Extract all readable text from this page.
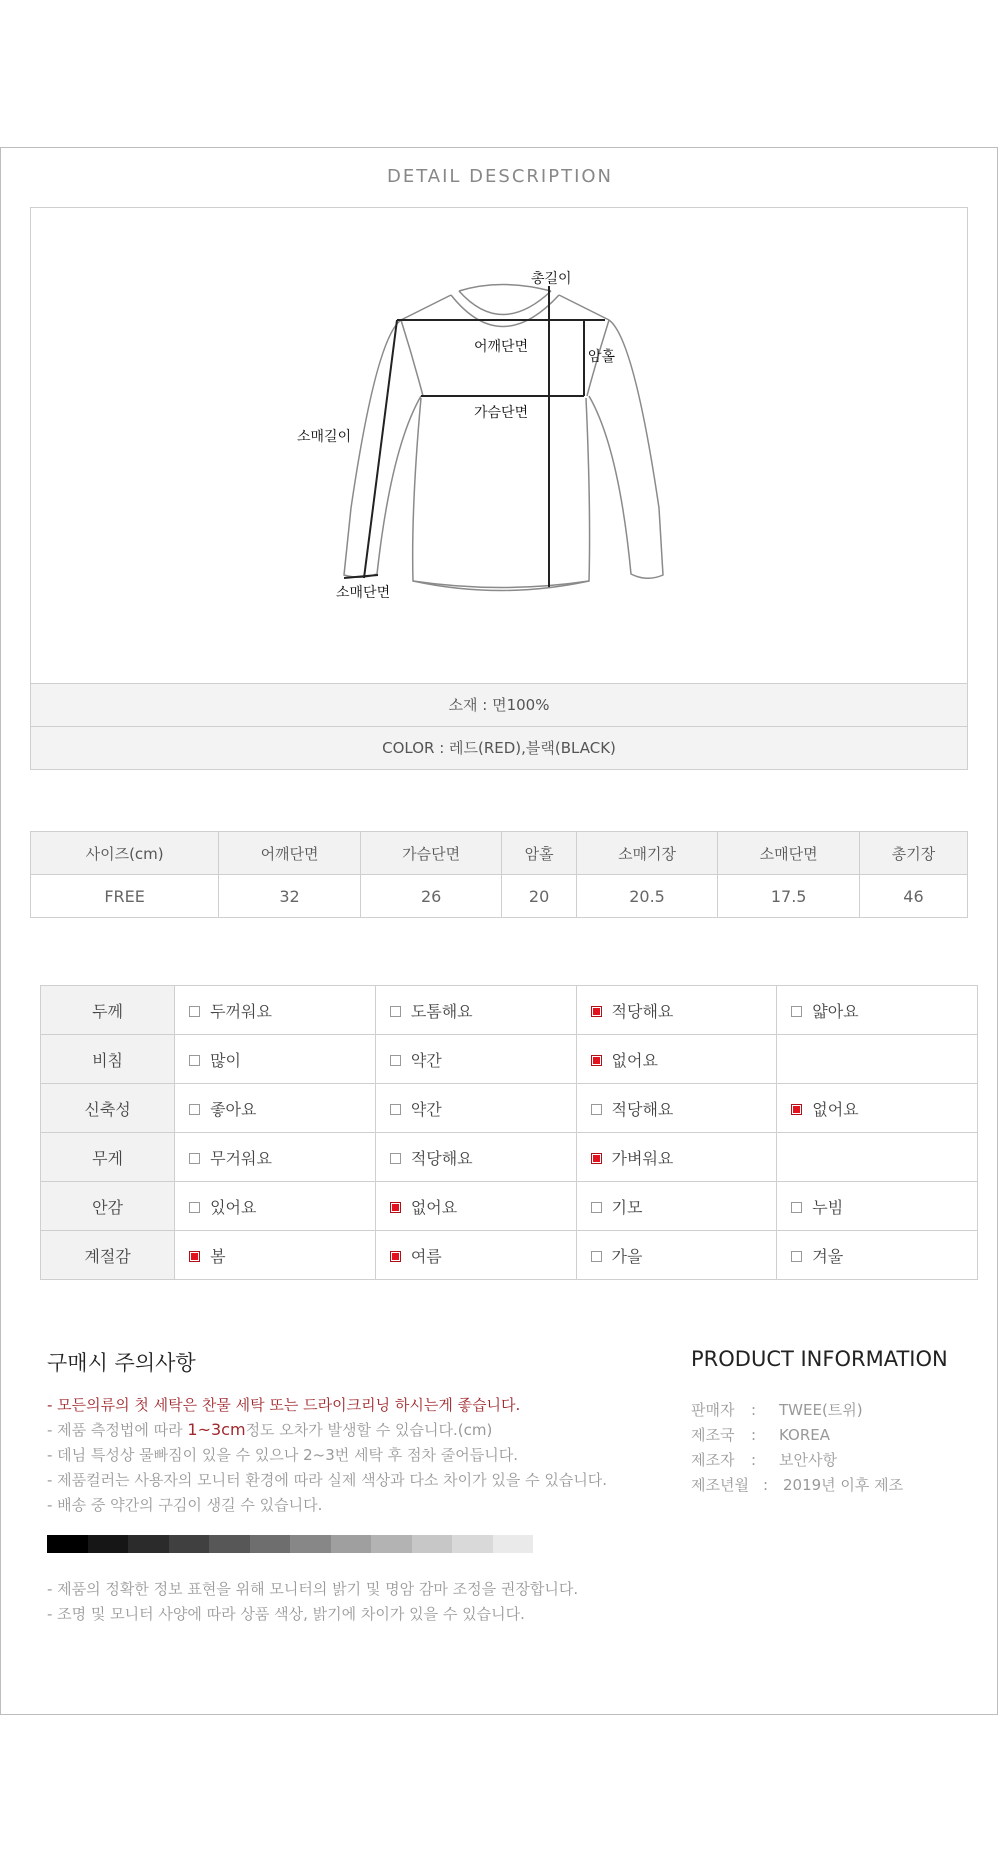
DETAIL DESCRIPTION
총길이
어깨단면
암홀
가슴단면
소매길이
소매단면
소재 : 면100%
COLOR : 레드(RED),블랙(BLACK)
사이즈(cm)	어깨단면	가슴단면	암홀	소매기장	소매단면	총기장
FREE	32	26	20	20.5	17.5	46
두께	두꺼워요	도톰해요	적당해요	얇아요
비침	많이	약간	없어요	
신축성	좋아요	약간	적당해요	없어요
무게	무거워요	적당해요	가벼워요	
안감	있어요	없어요	기모	누빔
계절감	봄	여름	가을	겨울
구매시 주의사항
- 모든의류의 첫 세탁은 찬물 세탁 또는 드라이크리닝 하시는게 좋습니다.
- 제품 측정법에 따라 1~3cm정도 오차가 발생할 수 있습니다.(cm)
- 데님 특성상 물빠짐이 있을 수 있으나 2~3번 세탁 후 점차 줄어듭니다.
- 제품컬러는 사용자의 모니터 환경에 따라 실제 색상과 다소 차이가 있을 수 있습니다.
- 배송 중 약간의 구김이 생길 수 있습니다.
- 제품의 정확한 정보 표현을 위해 모니터의 밝기 및 명암 감마 조정을 권장합니다.
- 조명 및 모니터 사양에 따라 상품 색상, 밝기에 차이가 있을 수 있습니다.
PRODUCT INFORMATION
판매자 : TWEE(트위)
제조국 : KOREA
제조자 : 보안사항
제조년월 : 2019년 이후 제조
